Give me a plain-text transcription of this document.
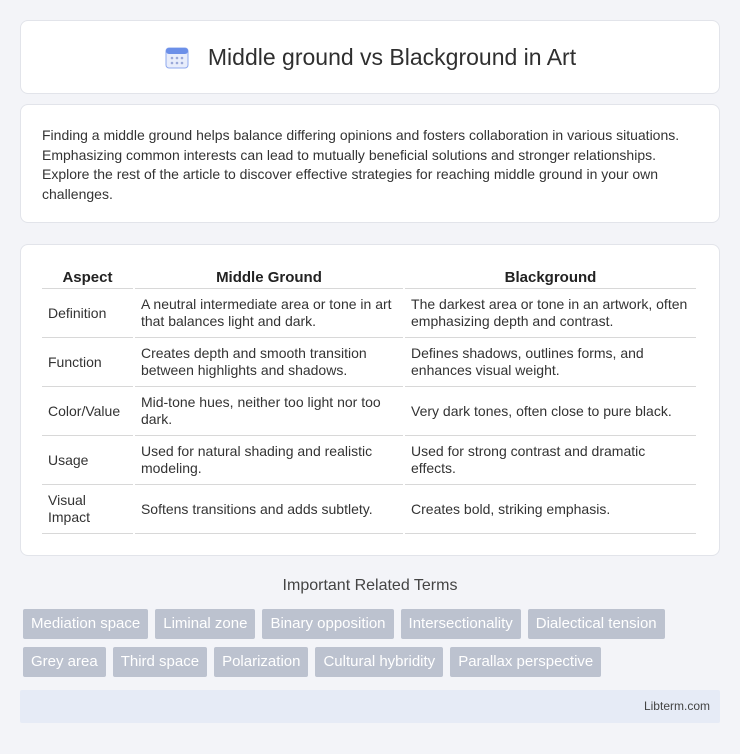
Middle ground vs Blackground in Art

Finding a middle ground helps balance differing opinions and fosters collaboration in various situations. Emphasizing common interests can lead to mutually beneficial solutions and stronger relationships. Explore the rest of the article to discover effective strategies for reaching middle ground in your own challenges.

Aspect	Middle Ground	Blackground
Definition	A neutral intermediate area or tone in art that balances light and dark.	The darkest area or tone in an artwork, often emphasizing depth and contrast.
Function	Creates depth and smooth transition between highlights and shadows.	Defines shadows, outlines forms, and enhances visual weight.
Color/Value	Mid-tone hues, neither too light nor too dark.	Very dark tones, often close to pure black.
Usage	Used for natural shading and realistic modeling.	Used for strong contrast and dramatic effects.
Visual Impact	Softens transitions and adds subtlety.	Creates bold, striking emphasis.
Important Related Terms
Mediation space	Liminal zone	Binary opposition	Intersectionality	Dialectical tension
Grey area	Third space	Polarization	Cultural hybridity	Parallax perspective
Libterm.com
